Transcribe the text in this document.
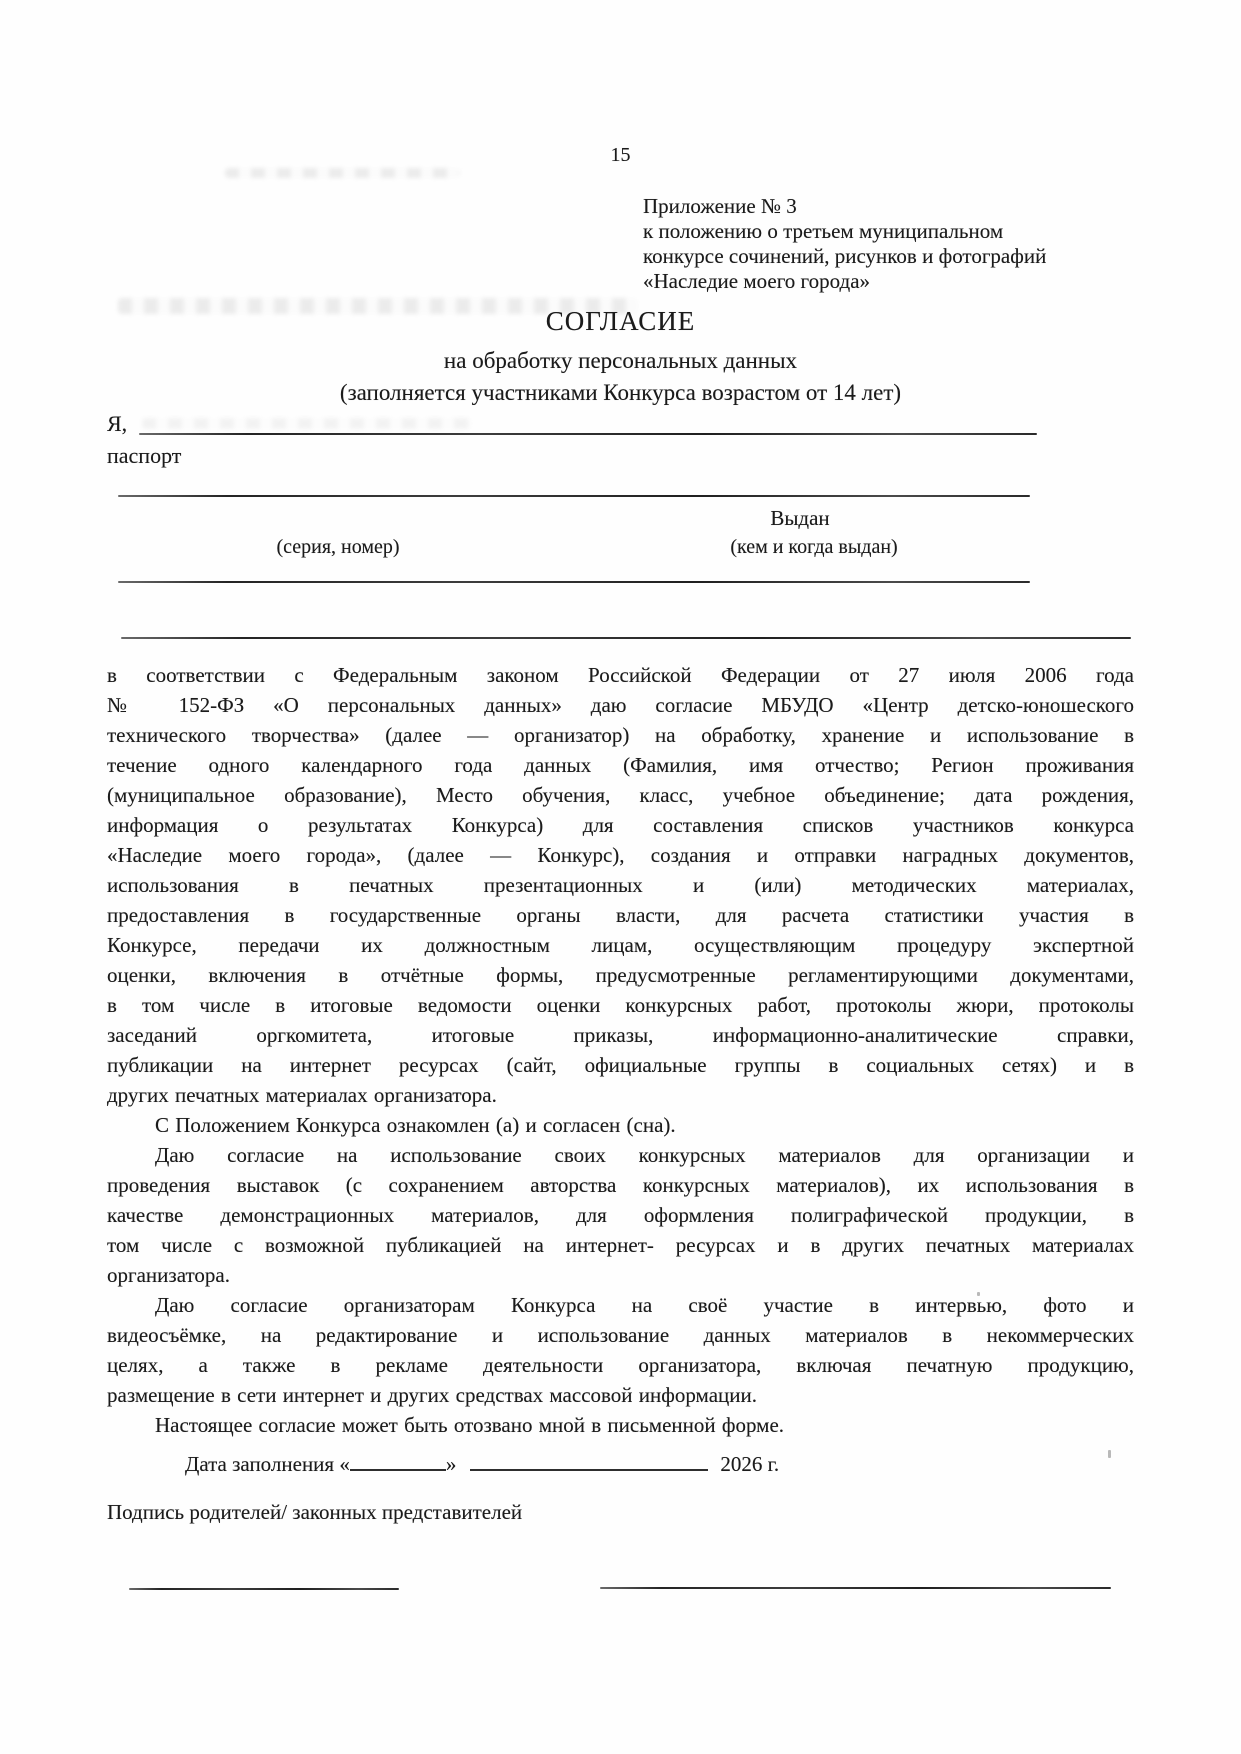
15
Приложение № 3
к положению о третьем муниципальном
конкурсе сочинений, рисунков и фотографий
«Наследие моего города»
СОГЛАСИЕ
на обработку персональных данных
(заполняется участниками Конкурса возрастом от 14 лет)
Я,
паспорт
Выдан
(серия, номер)	(кем и когда выдан)
в соответствии с Федеральным законом Российской Федерации от 27 июля 2006 года
№ 152-ФЗ «О персональных данных» даю согласие МБУДО «Центр детско-юношеского
технического творчества» (далее — организатор) на обработку, хранение и использование в
течение одного календарного года данных (Фамилия, имя отчество; Регион проживания
(муниципальное образование), Место обучения, класс, учебное объединение; дата рождения,
информация о результатах Конкурса) для составления списков участников конкурса
«Наследие моего города», (далее — Конкурс), создания и отправки наградных документов,
использования в печатных презентационных и (или) методических материалах,
предоставления в государственные органы власти, для расчета статистики участия в
Конкурсе, передачи их должностным лицам, осуществляющим процедуру экспертной
оценки, включения в отчётные формы, предусмотренные регламентирующими документами,
в том числе в итоговые ведомости оценки конкурсных работ, протоколы жюри, протоколы
заседаний оргкомитета, итоговые приказы, информационно-аналитические справки,
публикации на интернет ресурсах (сайт, официальные группы в социальных сетях) и в
других печатных материалах организатора.
С Положением Конкурса ознакомлен (а) и согласен (сна).
Даю согласие на использование своих конкурсных материалов для организации и
проведения выставок (с сохранением авторства конкурсных материалов), их использования в
качестве демонстрационных материалов, для оформления полиграфической продукции, в
том числе с возможной публикацией на интернет- ресурсах и в других печатных материалах
организатора.
Даю согласие организаторам Конкурса на своё участие в интервью, фото и
видеосъёмке, на редактирование и использование данных материалов в некоммерческих
целях, а также в рекламе деятельности организатора, включая печатную продукцию,
размещение в сети интернет и других средствах массовой информации.
Настоящее согласие может быть отозвано мной в письменной форме.
Дата заполнения «	»	2026 г.
Подпись родителей/ законных представителей
